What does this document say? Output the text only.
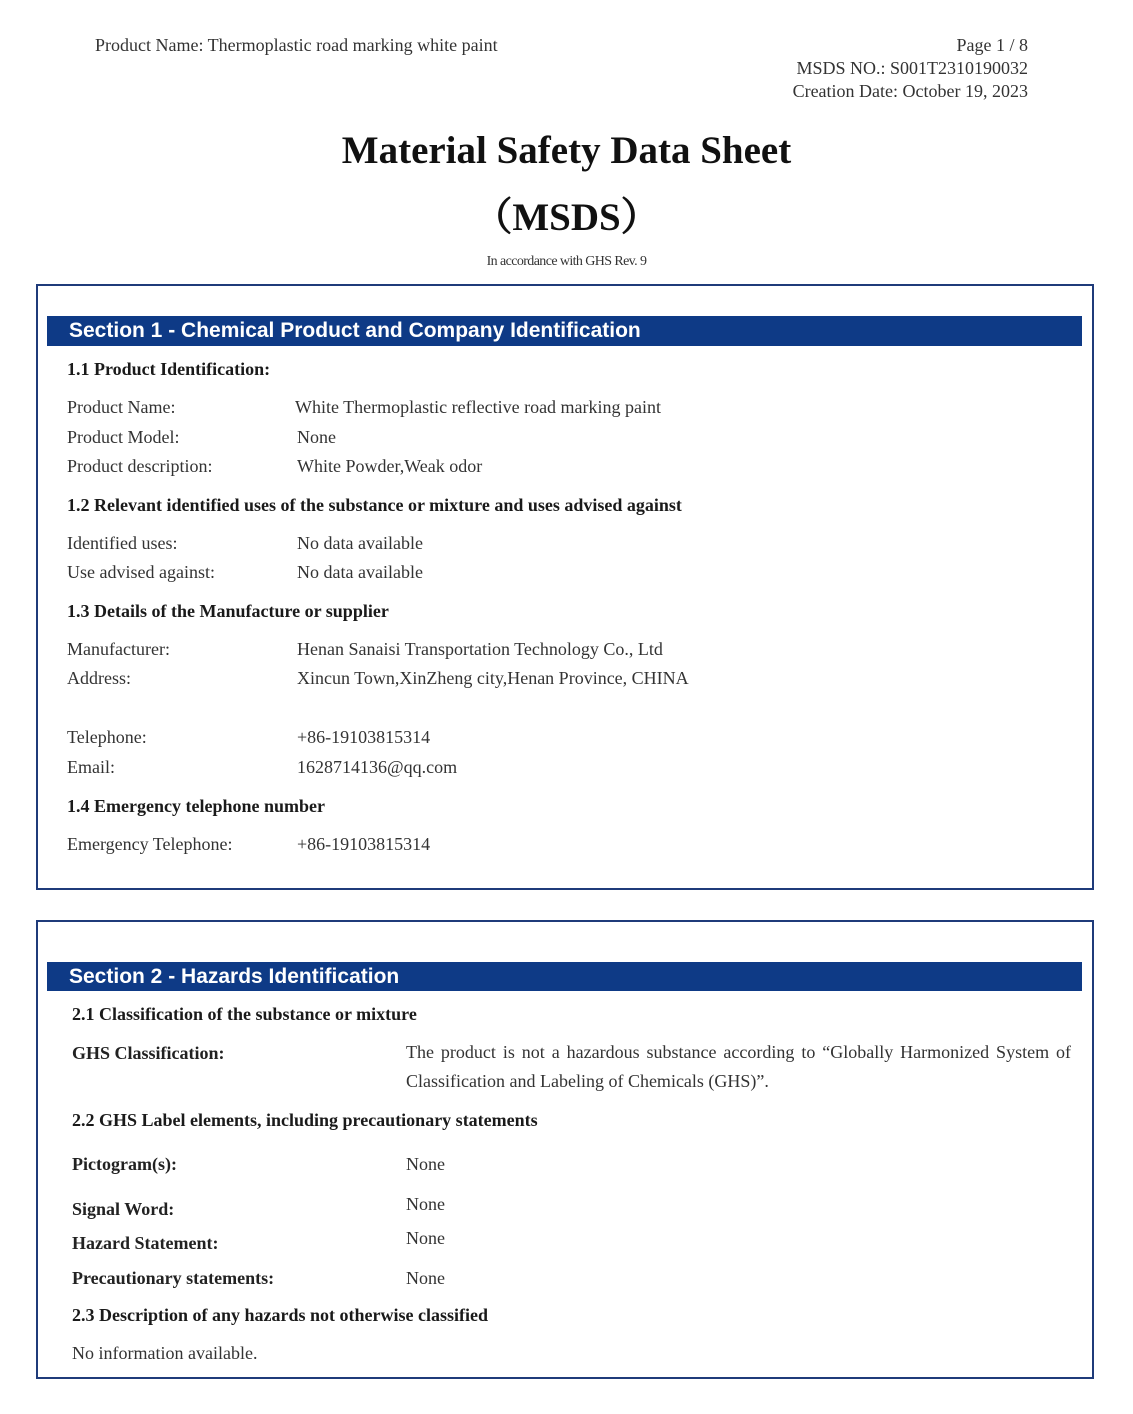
Product Name: Thermoplastic road marking white paint	Page 1 / 8
MSDS NO.: S001T2310190032
Creation Date: October 19, 2023
Material Safety Data Sheet
（MSDS）
In accordance with GHS Rev. 9
Section 1 - Chemical Product and Company Identification
1.1 Product Identification:
Product Name:	White Thermoplastic reflective road marking paint
Product Model:	None
Product description:	White Powder,Weak odor
1.2 Relevant identified uses of the substance or mixture and uses advised against
Identified uses:	No data available
Use advised against:	No data available
1.3 Details of the Manufacture or supplier
Manufacturer:	Henan Sanaisi Transportation Technology Co., Ltd
Address:	Xincun Town,XinZheng city,Henan Province, CHINA
Telephone:	+86-19103815314
Email:	1628714136@qq.com
1.4 Emergency telephone number
Emergency Telephone:	+86-19103815314
Section 2 - Hazards Identification
2.1 Classification of the substance or mixture
GHS Classification:	The product is not a hazardous substance according to “Globally Harmonized System of Classification and Labeling of Chemicals (GHS)”.
2.2 GHS Label elements, including precautionary statements
Pictogram(s):	None
Signal Word:	None
Hazard Statement:	None
Precautionary statements:	None
2.3 Description of any hazards not otherwise classified
No information available.
